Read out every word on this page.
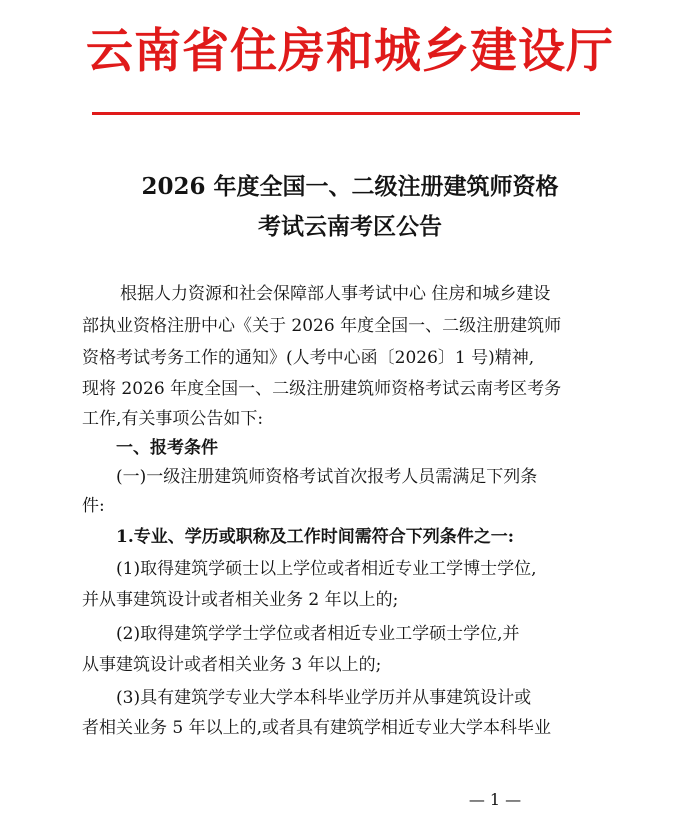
云南省住房和城乡建设厅
2026 年度全国一、二级注册建筑师资格
考试云南考区公告
根据人力资源和社会保障部人事考试中心 住房和城乡建设
部执业资格注册中心《关于 2026 年度全国一、二级注册建筑师
资格考试考务工作的通知》(人考中心函〔2026〕1 号)精神,
现将 2026 年度全国一、二级注册建筑师资格考试云南考区考务
工作,有关事项公告如下:
一、报考条件
(一)一级注册建筑师资格考试首次报考人员需满足下列条
件:
1.专业、学历或职称及工作时间需符合下列条件之一:
(1)取得建筑学硕士以上学位或者相近专业工学博士学位,
并从事建筑设计或者相关业务 2 年以上的;
(2)取得建筑学学士学位或者相近专业工学硕士学位,并
从事建筑设计或者相关业务 3 年以上的;
(3)具有建筑学专业大学本科毕业学历并从事建筑设计或
者相关业务 5 年以上的,或者具有建筑学相近专业大学本科毕业
— 1 —
